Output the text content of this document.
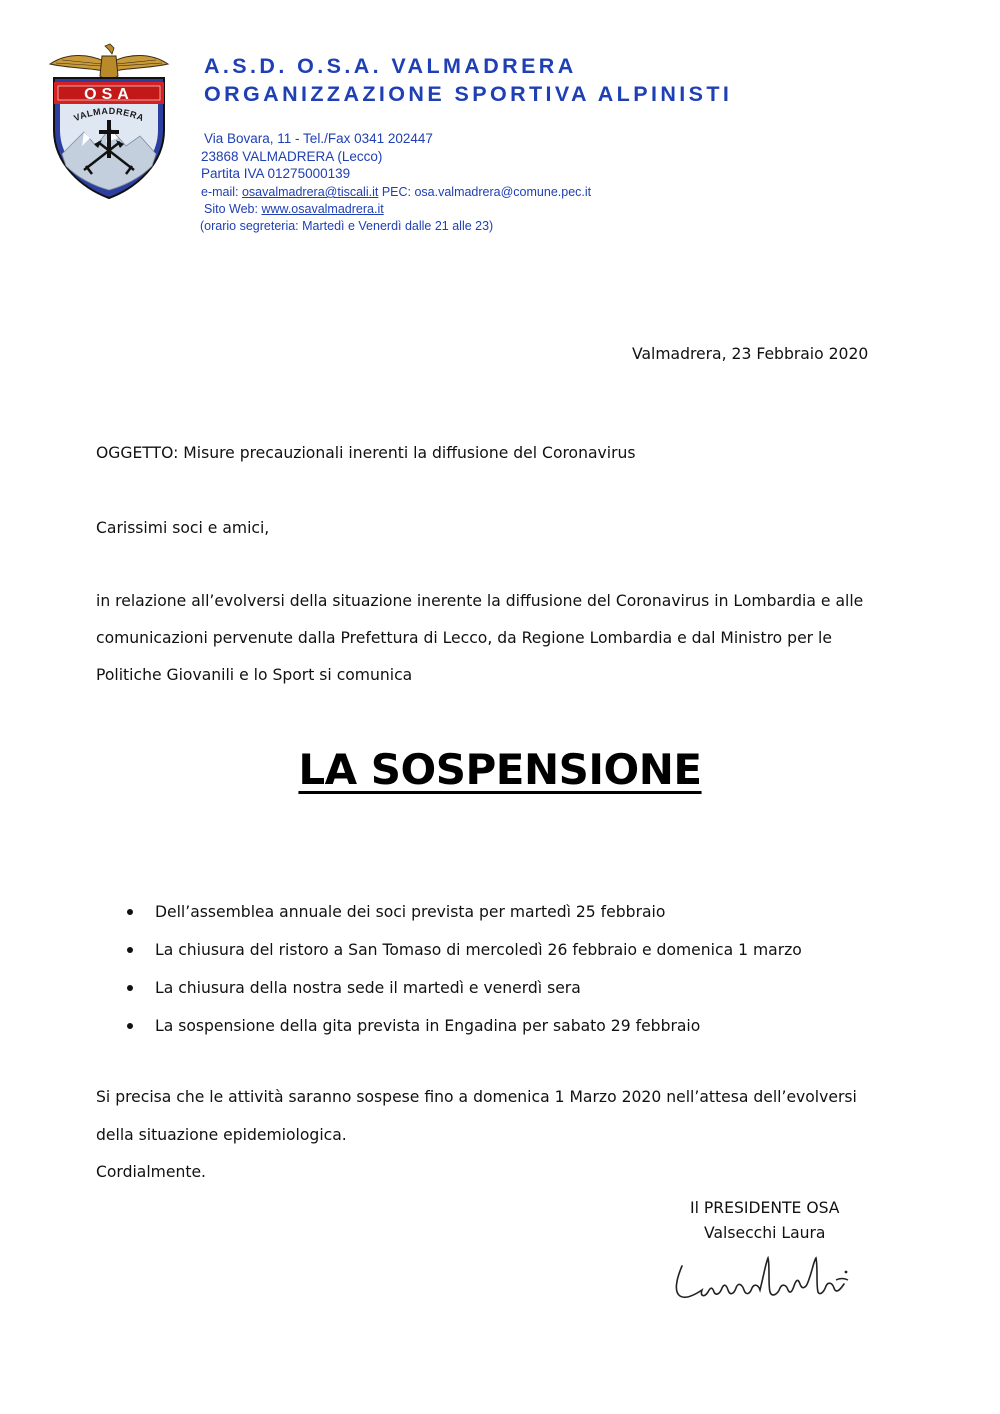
OSA
VALMADRERA
A.S.D. O.S.A. VALMADRERA
ORGANIZZAZIONE SPORTIVA ALPINISTI
Via Bovara, 11 - Tel./Fax 0341 202447
23868 VALMADRERA (Lecco)
Partita IVA 01275000139
e-mail: osavalmadrera@tiscali.it PEC: osa.valmadrera@comune.pec.it
Sito Web: www.osavalmadrera.it
(orario segreteria: Martedì e Venerdì dalle 21 alle 23)
Valmadrera, 23 Febbraio 2020
OGGETTO: Misure precauzionali inerenti la diffusione del Coronavirus
Carissimi soci e amici,
in relazione all’evolversi della situazione inerente la diffusione del Coronavirus in Lombardia e alle
comunicazioni pervenute dalla Prefettura di Lecco, da Regione Lombardia e dal Ministro per le
Politiche Giovanili e lo Sport si comunica
LA SOSPENSIONE
Dell’assemblea annuale dei soci prevista per martedì 25 febbraio
La chiusura del ristoro a San Tomaso di mercoledì 26 febbraio e domenica 1 marzo
La chiusura della nostra sede il martedì e venerdì sera
La sospensione della gita prevista in Engadina per sabato 29 febbraio
Si precisa che le attività saranno sospese fino a domenica 1 Marzo 2020 nell’attesa dell’evolversi
della situazione epidemiologica.
Cordialmente.
Il PRESIDENTE OSA
Valsecchi Laura
